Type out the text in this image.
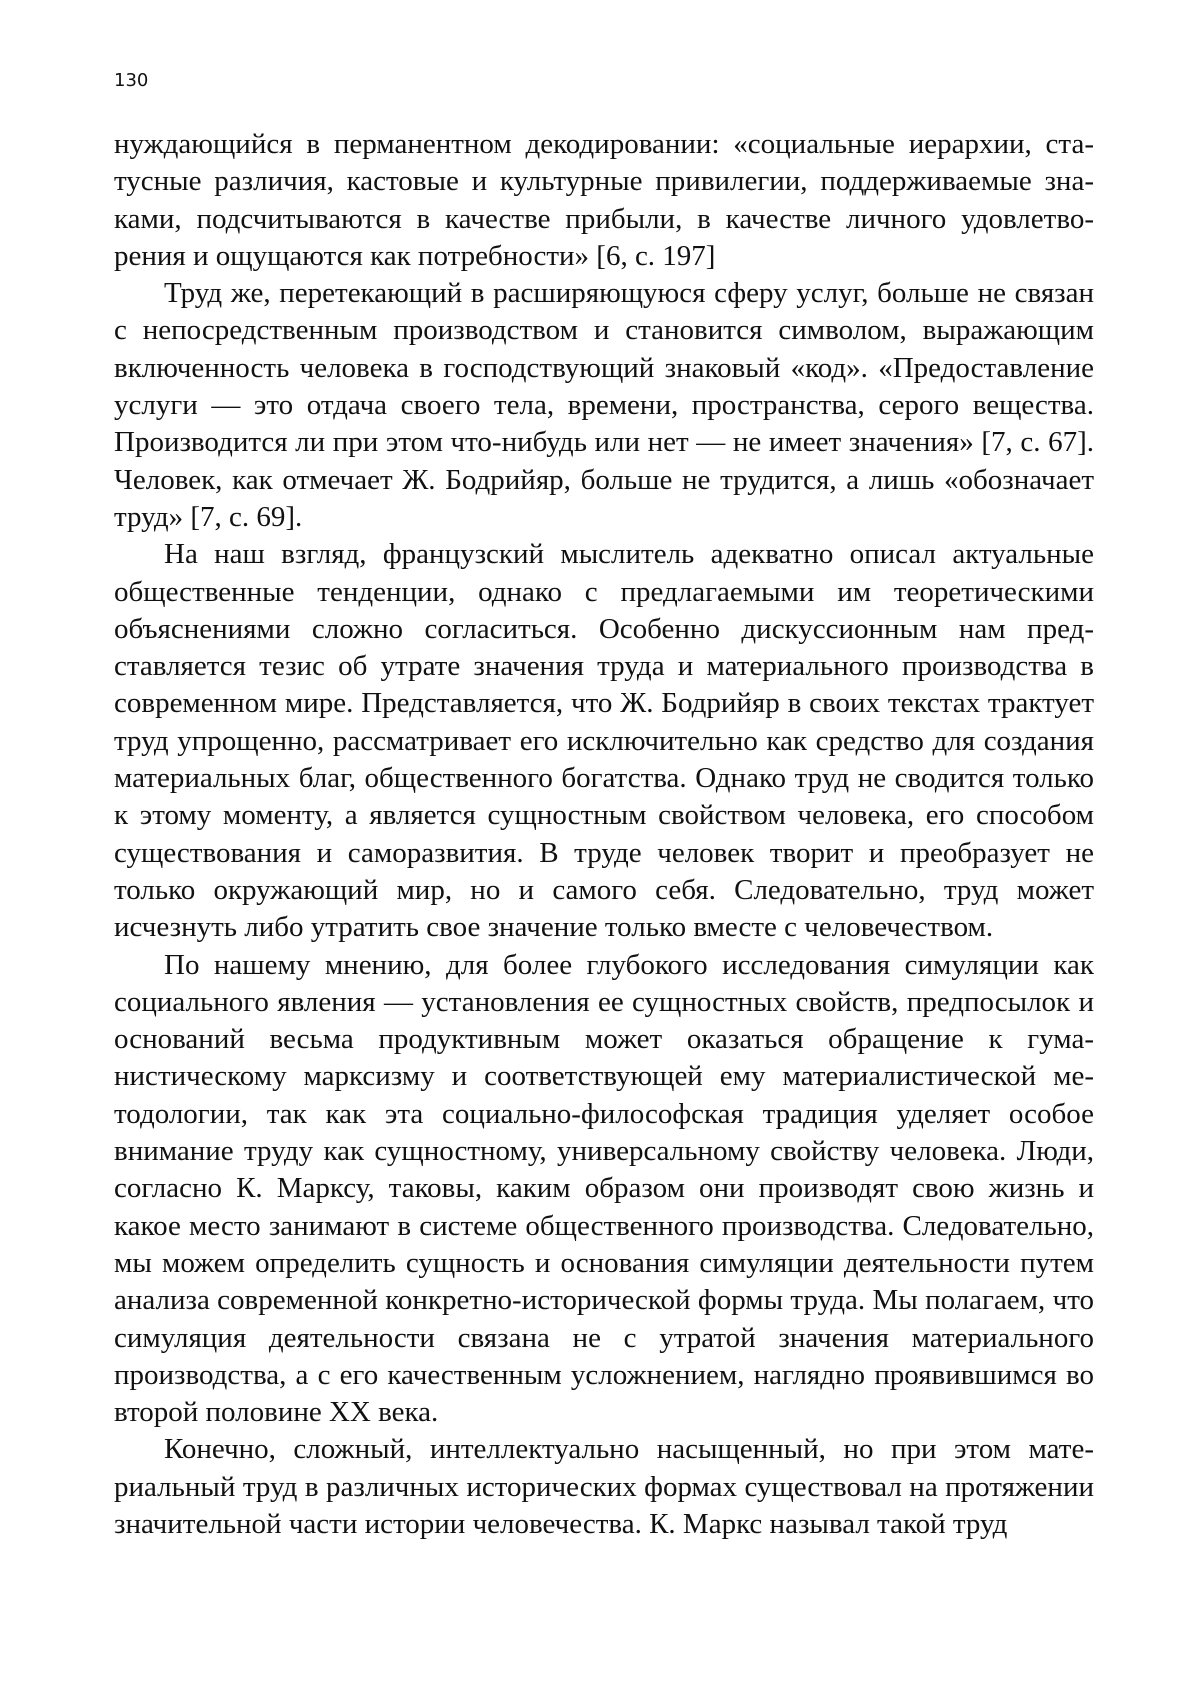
130

нуждающийся в перманентном декодировании: «социальные иерархии, статусные различия, кастовые и культурные привилегии, поддерживаемые знаками, подсчитываются в качестве прибыли, в качестве личного удовлетворения и ощущаются как потребности» [6, с. 197]

Труд же, перетекающий в расширяющуюся сферу услуг, больше не связан с непосредственным производством и становится символом, выражающим включенность человека в господствующий знаковый «код». «Предоставление услуги — это отдача своего тела, времени, пространства, серого вещества. Производится ли при этом что-нибудь или нет — не имеет значения» [7, с. 67]. Человек, как отмечает Ж. Бодрийяр, больше не трудится, а лишь «обозначает труд» [7, с. 69].

На наш взгляд, французский мыслитель адекватно описал актуальные общественные тенденции, однако с предлагаемыми им теоретическими объяснениями сложно согласиться. Особенно дискуссионным нам представляется тезис об утрате значения труда и материального производства в современном мире. Представляется, что Ж. Бодрийяр в своих текстах трактует труд упрощенно, рассматривает его исключительно как средство для создания материальных благ, общественного богатства. Однако труд не сводится только к этому моменту, а является сущностным свойством человека, его способом существования и саморазвития. В труде человек творит и преобразует не только окружающий мир, но и самого себя. Следовательно, труд может исчезнуть либо утратить свое значение только вместе с человечеством.

По нашему мнению, для более глубокого исследования симуляции как социального явления — установления ее сущностных свойств, предпосылок и оснований весьма продуктивным может оказаться обращение к гуманистическому марксизму и соответствующей ему материалистической методологии, так как эта социально-философская традиция уделяет особое внимание труду как сущностному, универсальному свойству человека. Люди, согласно К. Марксу, таковы, каким образом они производят свою жизнь и какое место занимают в системе общественного производства. Следовательно, мы можем определить сущность и основания симуляции деятельности путем анализа современной конкретно-исторической формы труда. Мы полагаем, что симуляция деятельности связана не с утратой значения материального производства, а с его качественным усложнением, наглядно проявившимся во второй половине XX века.

Конечно, сложный, интеллектуально насыщенный, но при этом материальный труд в различных исторических формах существовал на протяжении значительной части истории человечества. К. Маркс называл такой труд
